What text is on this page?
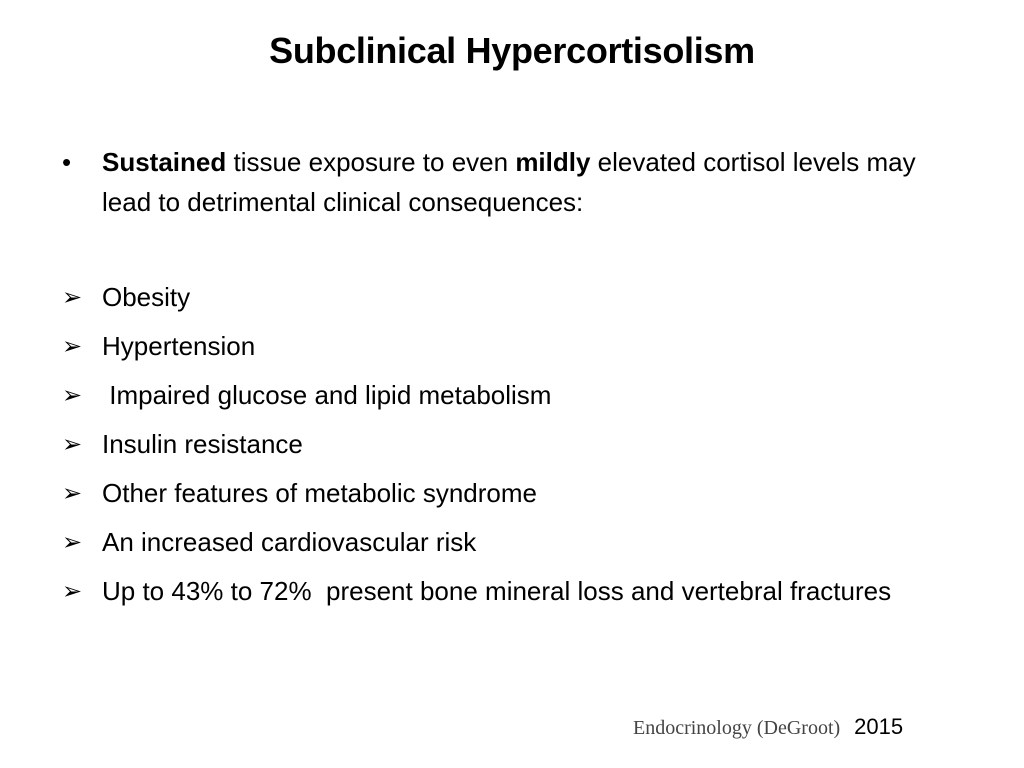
Subclinical Hypercortisolism
• Sustained tissue exposure to even mildly elevated cortisol levels may lead to detrimental clinical consequences:
➢ Obesity
➢ Hypertension
➢ Impaired glucose and lipid metabolism
➢ Insulin resistance
➢ Other features of metabolic syndrome
➢ An increased cardiovascular risk
➢ Up to 43% to 72%  present bone mineral loss and vertebral fractures
Endocrinology (DeGroot) 2015
